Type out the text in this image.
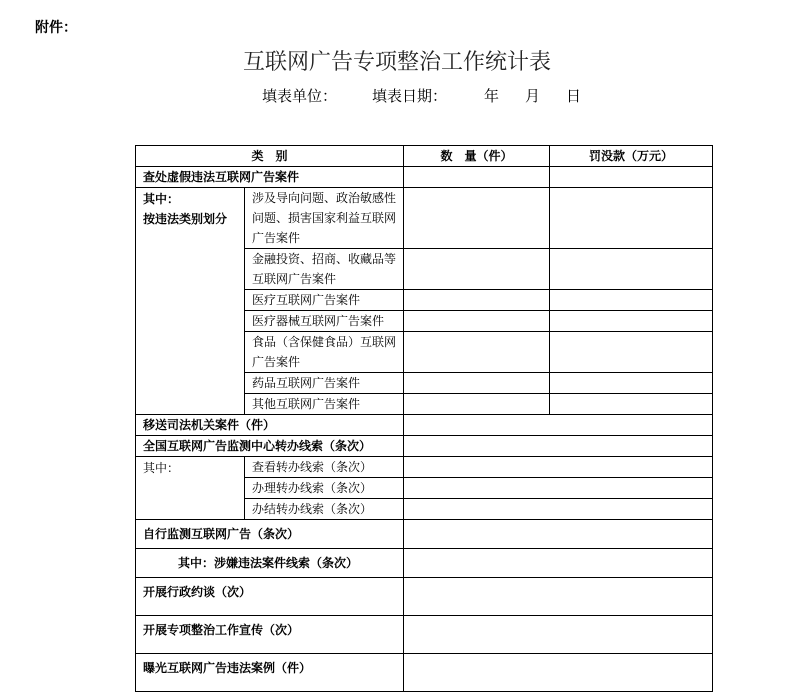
附件：
互联网广告专项整治工作统计表
填表单位： 填表日期： 年 月 日
类　别		数　量（件）	罚没款（万元）
查处虚假违法互联网广告案件			

其中：
按违法类别划分	涉及导向问题、政治敏感性问题、损害国家利益互联网广告案件		
	金融投资、招商、收藏品等互联网广告案件		
	医疗互联网广告案件		
	医疗器械互联网广告案件		
	食品（含保健食品）互联网广告案件		
	药品互联网广告案件		
	其他互联网广告案件		
移送司法机关案件（件）			
全国互联网广告监测中心转办线索（条次）			
其中：	查看转办线索（条次）		
	办理转办线索（条次）		
	办结转办线索（条次）		
自行监测互联网广告（条次）			
其中：涉嫌违法案件线索（条次）			
开展行政约谈（次）			
开展专项整治工作宣传（次）			
曝光互联网广告违法案例（件）			
